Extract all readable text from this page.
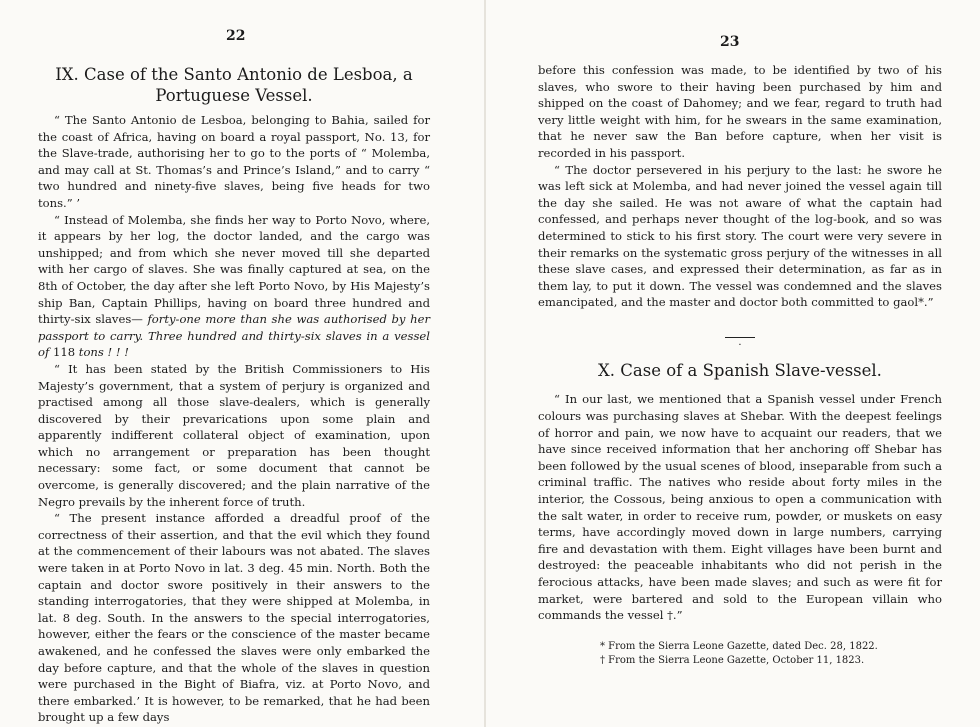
22
IX. Case of the Santo Antonio de Lesboa, a Portuguese Vessel.

“ The Santo Antonio de Lesboa, belonging to Bahia, sailed for the coast of Africa, having on board a royal passport, No. 13, for the Slave-trade, authorising her to go to the ports of “ Molemba, and may call at St. Thomas’s and Prince’s Island,” and to carry “ two hundred and ninety-five slaves, being five heads for two tons.” ’

“ Instead of Molemba, she finds her way to Porto Novo, where, it appears by her log, the doctor landed, and the cargo was unshipped; and from which she never moved till she departed with her cargo of slaves. She was finally captured at sea, on the 8th of October, the day after she left Porto Novo, by His Majesty’s ship Ban, Captain Phillips, having on board three hundred and thirty-six slaves— forty-one more than she was authorised by her passport to carry. Three hundred and thirty-six slaves in a vessel of 118 tons ! ! !

“ It has been stated by the British Commissioners to His Majesty’s government, that a system of perjury is organized and practised among all those slave-dealers, which is generally discovered by their prevarications upon some plain and apparently indifferent collateral object of examination, upon which no arrangement or preparation has been thought necessary: some fact, or some document that cannot be overcome, is generally discovered; and the plain narrative of the Negro prevails by the inherent force of truth.

“ The present instance afforded a dreadful proof of the correctness of their assertion, and that the evil which they found at the commencement of their labours was not abated. The slaves were taken in at Porto Novo in lat. 3 deg. 45 min. North. Both the captain and doctor swore positively in their answers to the standing interrogatories, that they were shipped at Molemba, in lat. 8 deg. South. In the answers to the special interrogatories, however, either the fears or the conscience of the master became awakened, and he confessed the slaves were only embarked the day before capture, and that the whole of the slaves in question were purchased in the Bight of Biafra, viz. at Porto Novo, and there embarked.’ It is however, to be remarked, that he had been brought up a few days

23

before this confession was made, to be identified by two of his slaves, who swore to their having been purchased by him and shipped on the coast of Dahomey; and we fear, regard to truth had very little weight with him, for he swears in the same examination, that he never saw the Ban before capture, when her visit is recorded in his passport.

“ The doctor persevered in his perjury to the last: he swore he was left sick at Molemba, and had never joined the vessel again till the day she sailed. He was not aware of what the captain had confessed, and perhaps never thought of the log-book, and so was determined to stick to his first story. The court were very severe in their remarks on the systematic gross perjury of the witnesses in all these slave cases, and expressed their determination, as far as in them lay, to put it down. The vessel was condemned and the slaves emancipated, and the master and doctor both committed to gaol*.”

·
X. Case of a Spanish Slave-vessel.

“ In our last, we mentioned that a Spanish vessel under French colours was purchasing slaves at Shebar. With the deepest feelings of horror and pain, we now have to acquaint our readers, that we have since received information that her anchoring off Shebar has been followed by the usual scenes of blood, inseparable from such a criminal traffic. The natives who reside about forty miles in the interior, the Cossous, being anxious to open a communication with the salt water, in order to receive rum, powder, or muskets on easy terms, have accordingly moved down in large numbers, carrying fire and devastation with them. Eight villages have been burnt and destroyed: the peaceable inhabitants who did not perish in the ferocious attacks, have been made slaves; and such as were fit for market, were bartered and sold to the European villain who commands the vessel †.”

* From the Sierra Leone Gazette, dated Dec. 28, 1822.
† From the Sierra Leone Gazette, October 11, 1823.
